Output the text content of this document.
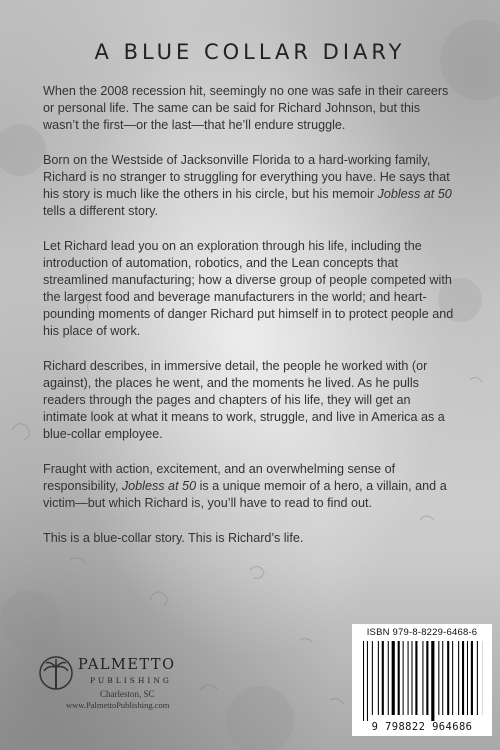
A BLUE COLLAR DIARY

When the 2008 recession hit, seemingly no one was safe in their careers or personal life. The same can be said for Richard Johnson, but this wasn’t the first—or the last—that he’ll endure struggle.

Born on the Westside of Jacksonville Florida to a hard-working family, Richard is no stranger to struggling for everything you have. He says that his story is much like the others in his circle, but his memoir Jobless at 50 tells a different story.

Let Richard lead you on an exploration through his life, including the introduction of automation, robotics, and the Lean concepts that streamlined manufacturing; how a diverse group of people competed with the largest food and beverage manufacturers in the world; and heart-pounding moments of danger Richard put himself in to protect people and his place of work.

Richard describes, in immersive detail, the people he worked with (or against), the places he went, and the moments he lived. As he pulls readers through the pages and chapters of his life, they will get an intimate look at what it means to work, struggle, and live in America as a blue-collar employee.

Fraught with action, excitement, and an overwhelming sense of responsibility, Jobless at 50 is a unique memoir of a hero, a villain, and a victim—but which Richard is, you’ll have to read to find out.

This is a blue-collar story. This is Richard’s life.

PALMETTO
PUBLISHING
Charleston, SC
www.PalmettoPublishing.com
ISBN 979-8-8229-6468-6
9 798822 964686
